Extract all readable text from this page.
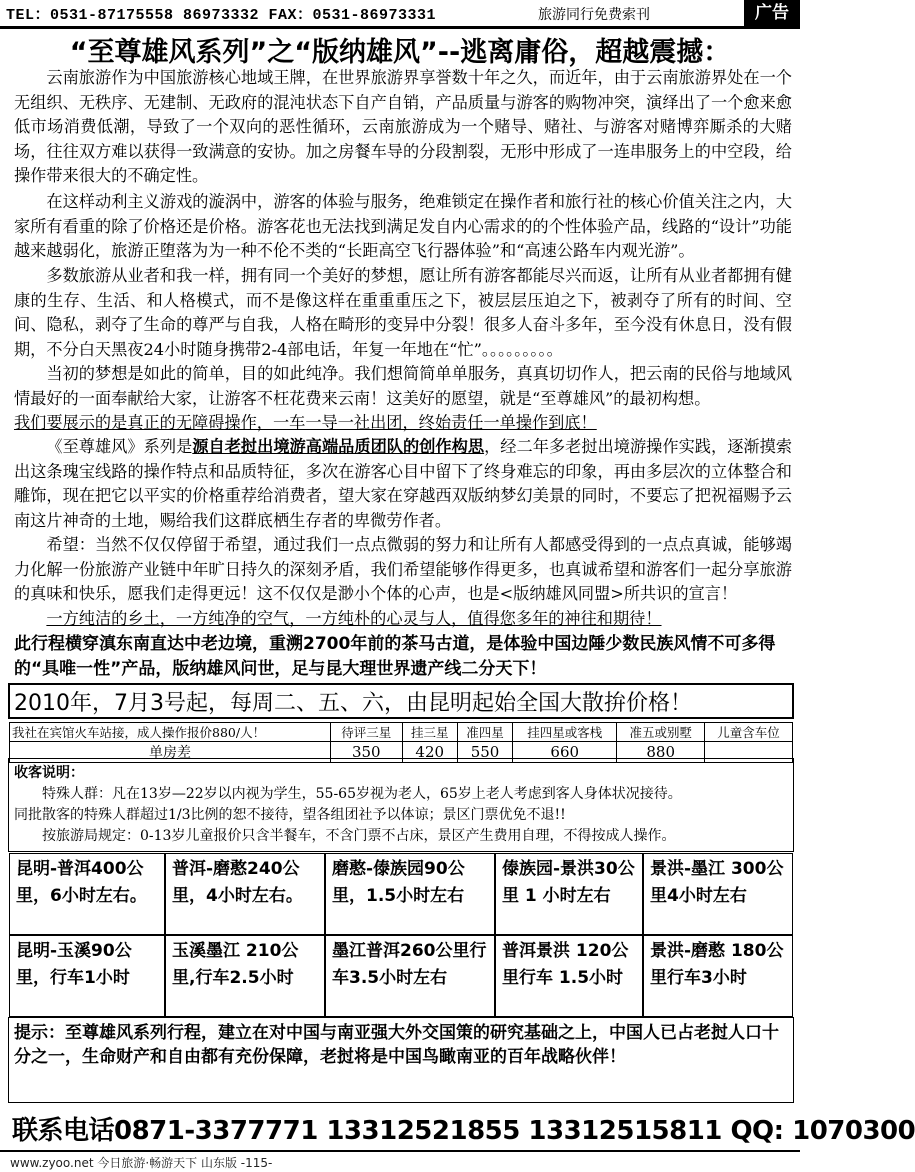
TEL：0531-87175558 86973332 FAX：0531-86973331	旅游同行免费索刊	广告
“至尊雄风系列”之“版纳雄风”--逃离庸俗，超越震撼：

云南旅游作为中国旅游核心地域王牌，在世界旅游界享誉数十年之久，而近年，由于云南旅游界处在一个无组织、无秩序、无建制、无政府的混沌状态下自产自销，产品质量与游客的购物冲突，演绎出了一个愈来愈低市场消费低潮，导致了一个双向的恶性循环，云南旅游成为一个赌导、赌社、与游客对赌博弈厮杀的大赌场，往往双方难以获得一致满意的安协。加之房餐车导的分段割裂，无形中形成了一连串服务上的中空段，给操作带来很大的不确定性。

在这样动利主义游戏的漩涡中，游客的体验与服务，绝难锁定在操作者和旅行社的核心价值关注之内，大家所有看重的除了价格还是价格。游客花也无法找到满足发自内心需求的的个性体验产品，线路的“设计”功能越来越弱化，旅游正堕落为为一种不伦不类的“长距高空飞行器体验”和“高速公路车内观光游”。

多数旅游从业者和我一样，拥有同一个美好的梦想，愿让所有游客都能尽兴而返，让所有从业者都拥有健康的生存、生活、和人格模式，而不是像这样在重重重压之下，被层层压迫之下，被剥夺了所有的时间、空间、隐私，剥夺了生命的尊严与自我，人格在畸形的变异中分裂！很多人奋斗多年，至今没有休息日，没有假期，不分白天黑夜24小时随身携带2-4部电话，年复一年地在“忙”。。。。。。。。。

当初的梦想是如此的简单，目的如此纯净。我们想简简单单服务，真真切切作人，把云南的民俗与地域风情最好的一面奉献给大家，让游客不枉花费来云南！这美好的愿望，就是“至尊雄风”的最初构想。

我们要展示的是真正的无障碍操作，一车一导一社出团，终始责任一单操作到底！

《至尊雄风》系列是源自老挝出境游高端品质团队的创作构思，经二年多老挝出境游操作实践，逐渐摸索出这条瑰宝线路的操作特点和品质特征，多次在游客心目中留下了终身难忘的印象，再由多层次的立体整合和雕饰，现在把它以平实的价格重荐给消费者，望大家在穿越西双版纳梦幻美景的同时，不要忘了把祝福赐予云南这片神奇的土地，赐给我们这群底栖生存者的卑微劳作者。

希望：当然不仅仅停留于希望，通过我们一点点微弱的努力和让所有人都感受得到的一点点真诚，能够竭力化解一份旅游产业链中年旷日持久的深刻矛盾，我们希望能够作得更多，也真诚希望和游客们一起分享旅游的真味和快乐，愿我们走得更远！这不仅仅是渺小个体的心声，也是<版纳雄风同盟>所共识的宣言！

一方纯洁的乡土，一方纯净的空气，一方纯朴的心灵与人，值得您多年的神往和期待！

此行程横穿滇东南直达中老边境，重溯2700年前的茶马古道，是体验中国边陲少数民族风情不可多得的“具唯一性”产品，版纳雄风问世，足与昆大理世界遗产线二分天下！

2010年，7月3号起，每周二、五、六，由昆明起始全国大散拚价格！
我社在宾馆火车站接，成人操作报价880/人！	待评三星	挂三星	准四星	挂四星或客栈	准五或别墅	儿童含车位
单房差	350	420	550	660	880	
收客说明：
特殊人群：凡在13岁—22岁以内视为学生，55-65岁视为老人，65岁上老人考虑到客人身体状况接待。
同批散客的特殊人群超过1/3比例的恕不接待，望各组团社予以体谅；景区门票优免不退!!
按旅游局规定：0-13岁儿童报价只含半餐车，不含门票不占床，景区产生费用自理，不得按成人操作。
昆明-普洱400公里，6小时左右。
普洱-磨憨240公里，4小时左右。
磨憨-傣族园90公里，1.5小时左右
傣族园-景洪30公里 1 小时左右
景洪-墨江 300公里4小时左右
昆明-玉溪90公里，行车1小时
玉溪墨江 210公里,行车2.5小时
墨江普洱260公里行车3.5小时左右
普洱景洪 120公里行车 1.5小时
景洪-磨憨 180公里行车3小时

提示：至尊雄风系列行程，建立在对中国与南亚强大外交国策的研究基础之上，中国人已占老挝人口十分之一，生命财产和自由都有充份保障，老挝将是中国鸟瞰南亚的百年战略伙伴！

联系电话0871-3377771 13312521855 13312515811 QQ: 1070300
www.zyoo.net 今日旅游·畅游天下 山东版 -115-
